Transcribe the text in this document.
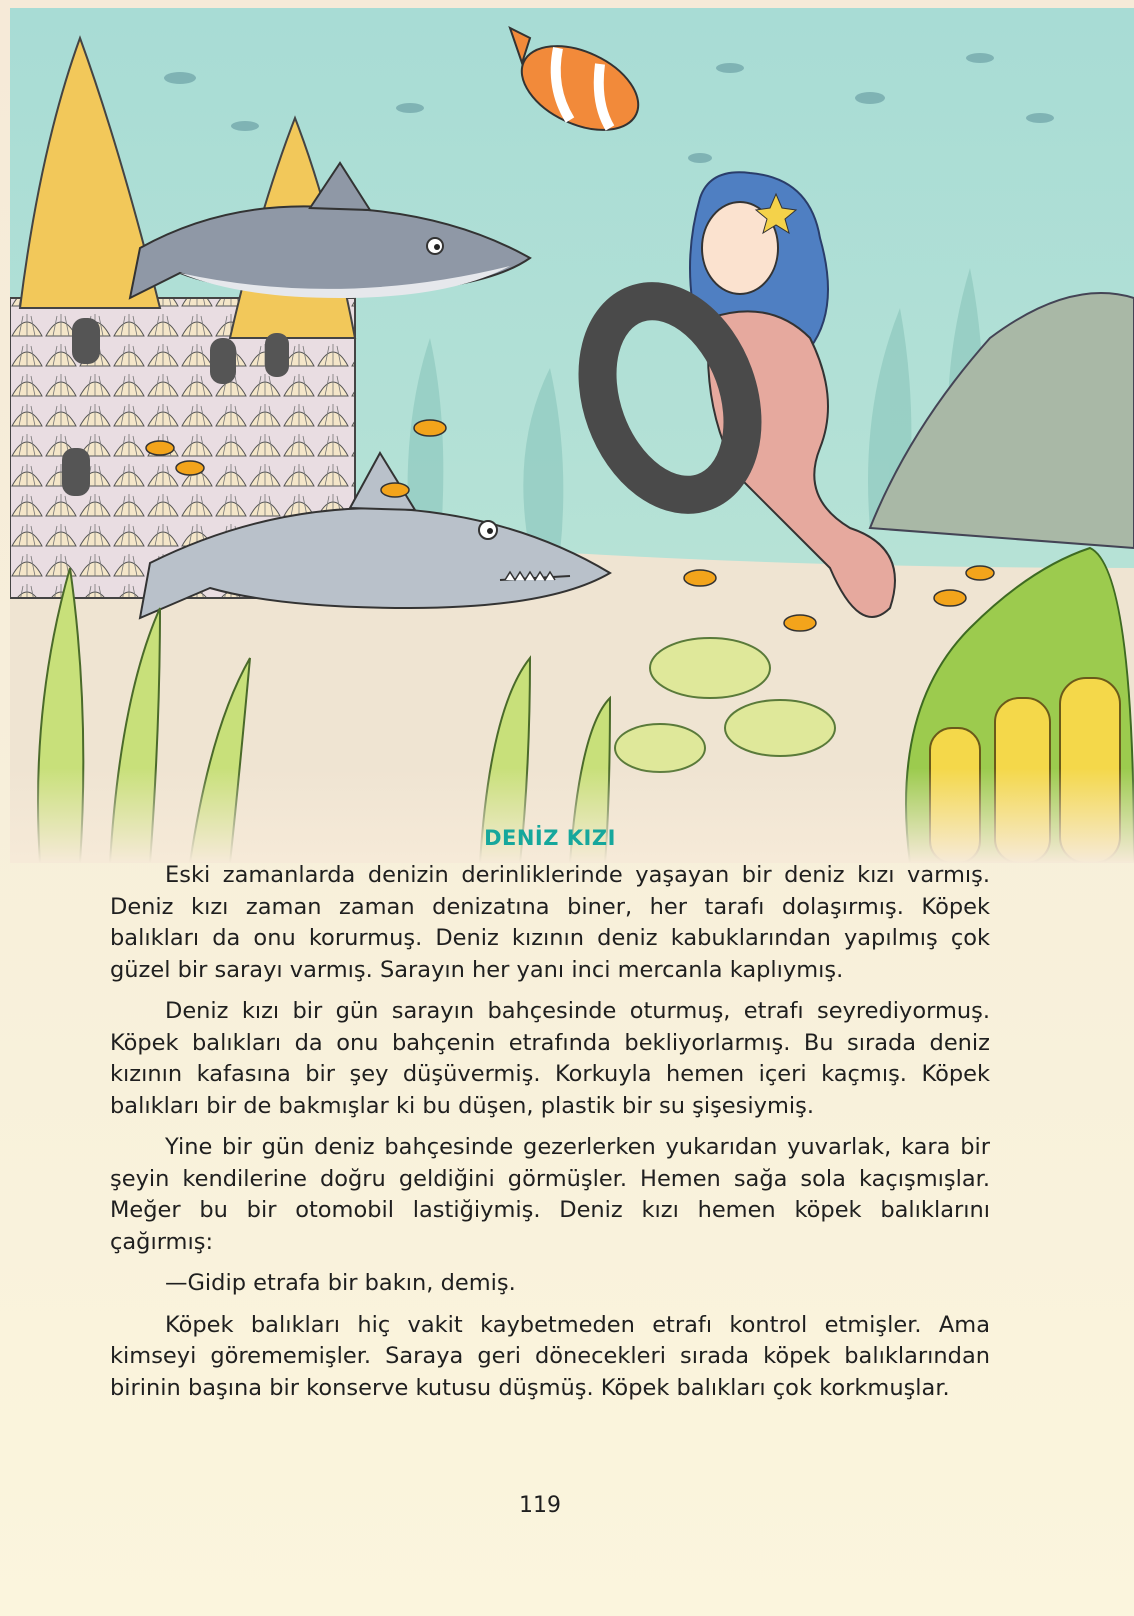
DENİZ KIZI

Eski zamanlarda denizin derinliklerinde yaşayan bir deniz kızı varmış. Deniz kızı zaman zaman denizatına biner, her tarafı dolaşırmış. Köpek balıkları da onu korurmuş. Deniz kızının deniz kabuklarından yapılmış çok güzel bir sarayı varmış. Sarayın her yanı inci mercanla kaplıymış.

Deniz kızı bir gün sarayın bahçesinde oturmuş, etrafı seyrediyormuş. Köpek balıkları da onu bahçenin etrafında bekliyorlarmış. Bu sırada deniz kızının kafasına bir şey düşüvermiş. Korkuyla hemen içeri kaçmış. Köpek balıkları bir de bakmışlar ki bu düşen, plastik bir su şişesiymiş.

Yine bir gün deniz bahçesinde gezerlerken yukarıdan yuvarlak, kara bir şeyin kendilerine doğru geldiğini görmüşler. Hemen sağa sola kaçışmışlar. Meğer bu bir otomobil lastiğiymiş. Deniz kızı hemen köpek balıklarını çağırmış:

—Gidip etrafa bir bakın, demiş.

Köpek balıkları hiç vakit kaybetmeden etrafı kontrol etmişler. Ama kimseyi görememişler. Saraya geri dönecekleri sırada köpek balıklarından birinin başına bir konserve kutusu düşmüş. Köpek balıkları çok korkmuşlar.

119
